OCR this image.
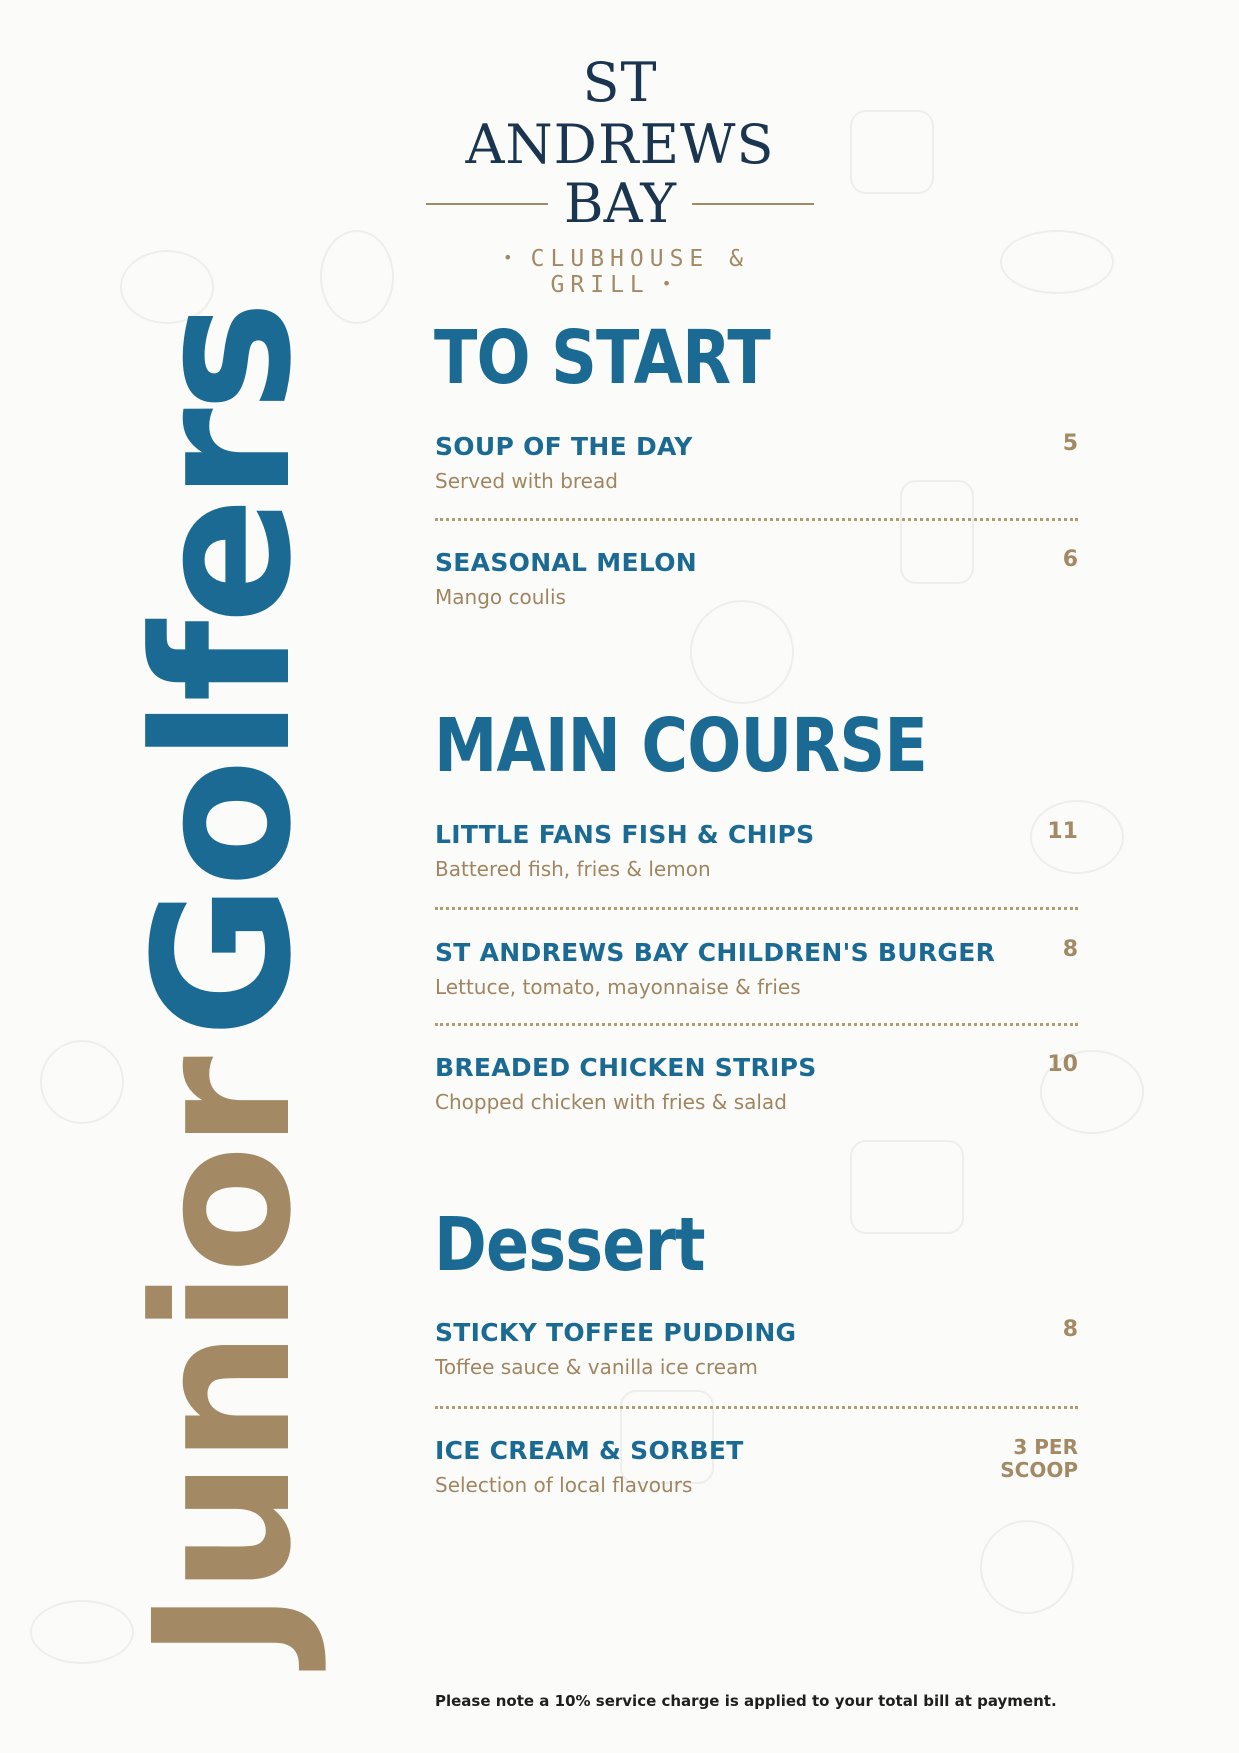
ST ANDREWS
BAY
• CLUBHOUSE & GRILL •
JuniorGolfers TO START
SOUP OF THE DAY
Served with bread
5
SEASONAL MELON
Mango coulis
6
MAIN COURSE
LITTLE FANS FISH & CHIPS
Battered fish, fries & lemon
11
ST ANDREWS BAY CHILDREN'S BURGER
Lettuce, tomato, mayonnaise & fries
8
BREADED CHICKEN STRIPS
Chopped chicken with fries & salad
10
Dessert
STICKY TOFFEE PUDDING
Toffee sauce & vanilla ice cream
8
ICE CREAM & SORBET
Selection of local flavours
3 PER
SCOOP
Please note a 10% service charge is applied to your total bill at payment.
